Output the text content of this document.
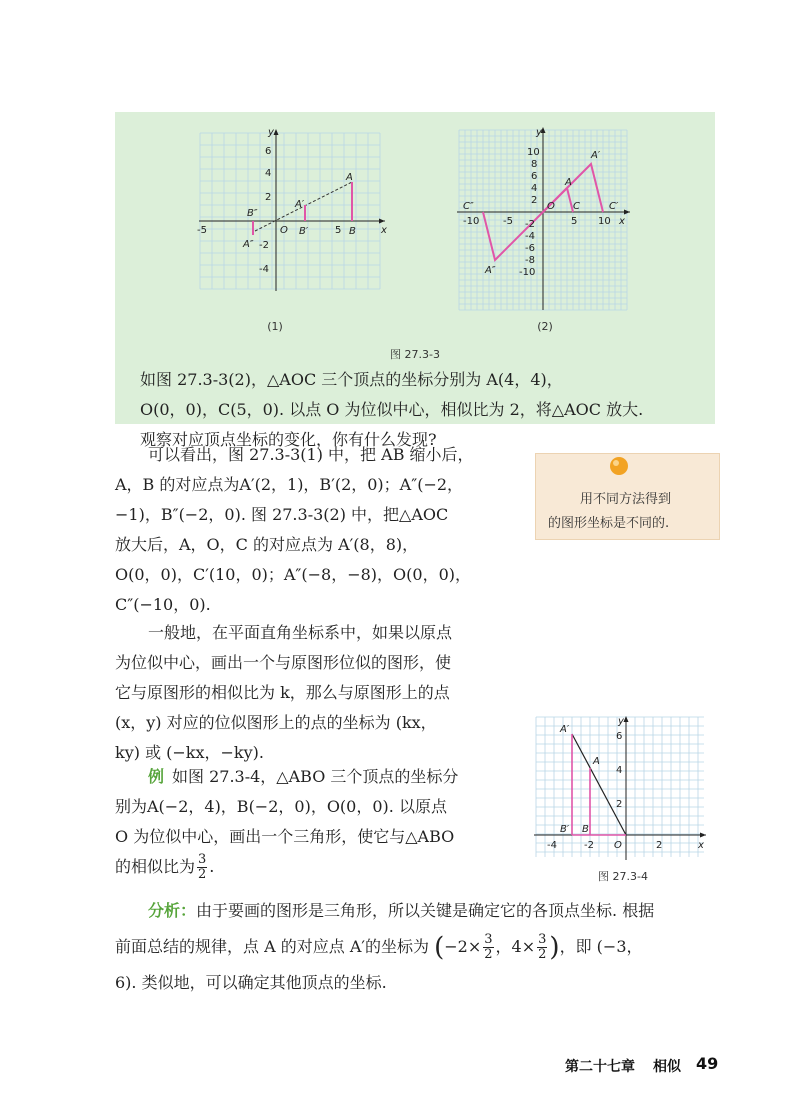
-5	5
6
4
2
-2
-4
x
y
O
A
B
A′
B′
A″
B″
(1)
-10 -5	5 10
10
8
6
4
2
-2
-4
-6
-8
-10
x
y
O
A
C
A′
C′
A″
C″
(2)
图 27.3-3
如图 27.3-3(2)，△AOC 三个顶点的坐标分别为 A(4，4)，
O(0，0)，C(5，0). 以点 O 为位似中心，相似比为 2，将△AOC 放大.
观察对应顶点坐标的变化，你有什么发现?
可以看出，图 27.3-3(1) 中，把 AB 缩小后，
A，B 的对应点为A′(2，1)，B′(2，0)；A″(−2，
−1)，B″(−2，0). 图 27.3-3(2) 中，把△AOC
放大后，A，O，C 的对应点为 A′(8，8)，
O(0，0)，C′(10，0)；A″(−8，−8)，O(0，0)，
C″(−10，0).
用不同方法得到
的图形坐标是不同的.
一般地，在平面直角坐标系中，如果以原点
为位似中心，画出一个与原图形位似的图形，使
它与原图形的相似比为 k，那么与原图形上的点
(x，y) 对应的位似图形上的点的坐标为 (kx，
ky) 或 (−kx，−ky).
例 如图 27.3-4，△ABO 三个顶点的坐标分
别为A(−2，4)，B(−2，0)，O(0，0). 以原点
O 为位似中心，画出一个三角形，使它与△ABO
的相似比为 $\frac{3}{2}$ .
-4	-2	2
6
4
2
x
y
O
A
B
A′
B′
图 27.3-4
分析：由于要画的图形是三角形，所以关键是确定它的各顶点坐标. 根据
前面总结的规律，点 A 的对应点 A′的坐标为 ($-2\times \frac{3}{2}$ ，$4\times \frac{3}{2}$ )，即 (−3，
6). 类似地，可以确定其他顶点的坐标.
第二十七章 相似 49
